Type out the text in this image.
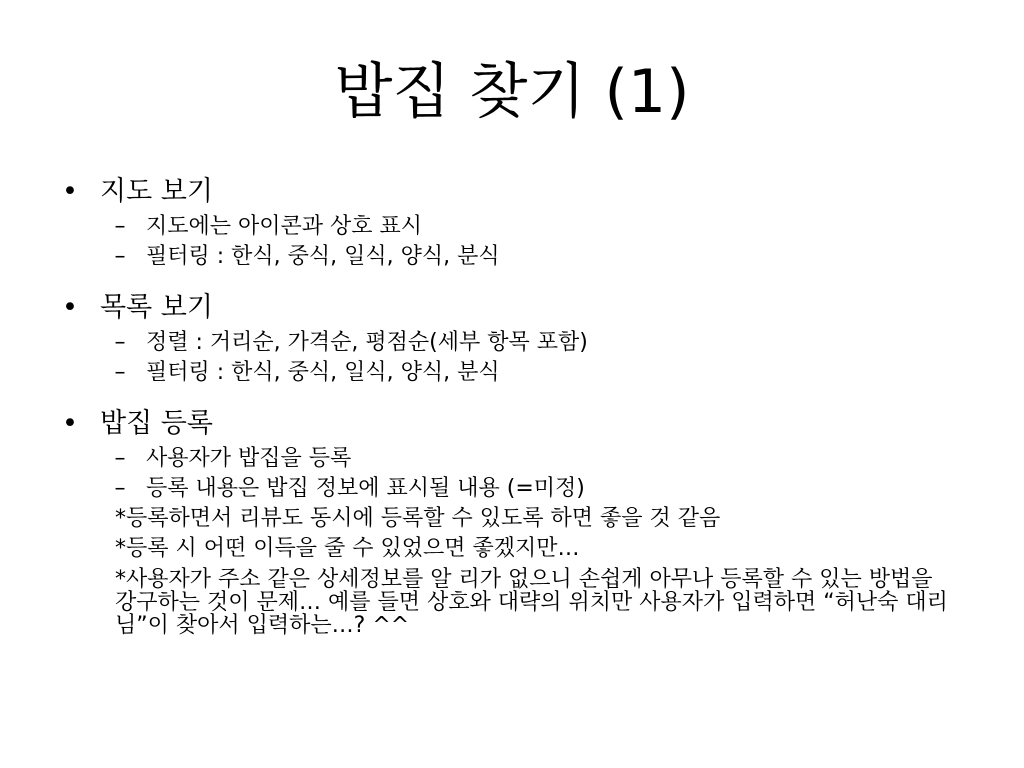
밥집 찾기 (1)
• 지도 보기
– 지도에는 아이콘과 상호 표시
– 필터링 : 한식, 중식, 일식, 양식, 분식
• 목록 보기
– 정렬 : 거리순, 가격순, 평점순(세부 항목 포함)
– 필터링 : 한식, 중식, 일식, 양식, 분식
• 밥집 등록
– 사용자가 밥집을 등록
– 등록 내용은 밥집 정보에 표시될 내용 (=미정)
*등록하면서 리뷰도 동시에 등록할 수 있도록 하면 좋을 것 같음
*등록 시 어떤 이득을 줄 수 있었으면 좋겠지만…
*사용자가 주소 같은 상세정보를 알 리가 없으니 손쉽게 아무나 등록할 수 있는 방법을 강구하는 것이 문제… 예를 들면 상호와 대략의 위치만 사용자가 입력하면 “허난숙 대리님”이 찾아서 입력하는…? ^^
